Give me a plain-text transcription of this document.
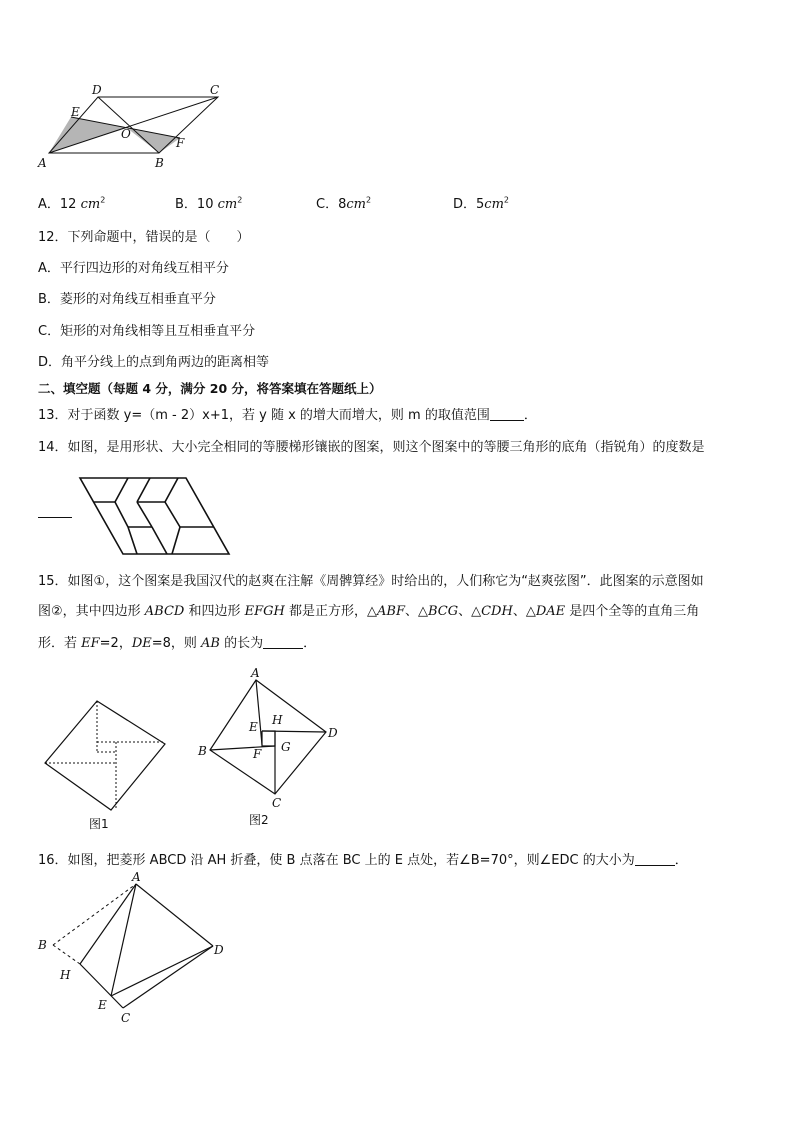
D	C
E
O
F
A	B
A．12 $cm^2$	B．10 $cm^2$	C．$8cm^2$	D．$5cm^2$
12．下列命题中，错误的是（　　）
A．平行四边形的对角线互相平分
B．菱形的对角线互相垂直平分
C．矩形的对角线相等且互相垂直平分
D．角平分线上的点到角两边的距离相等
二、填空题（每题 4 分，满分 20 分，将答案填在答题纸上）
13．对于函数 y=（m - 2）x+1，若 y 随 x 的增大而增大，则 m 的取值范围	．
14．如图，是用形状、大小完全相同的等腰梯形镶嵌的图案，则这个图案中的等腰三角形的底角（指锐角）的度数是
15．如图①，这个图案是我国汉代的赵爽在注解《周髀算经》时给出的，人们称它为“赵爽弦图”．此图案的示意图如
图②，其中四边形 ABCD 和四边形 EFGH 都是正方形，△ABF、△BCG、△CDH、△DAE 是四个全等的直角三角
形．若 EF=2，DE=8，则 AB 的长为	．
图1
A
H
E	D
G
B	F
C
图2
16．如图，把菱形 ABCD 沿 AH 折叠，使 B 点落在 BC 上的 E 点处，若∠B=70°，则∠EDC 的大小为	．
A
B	D
H
E
C
